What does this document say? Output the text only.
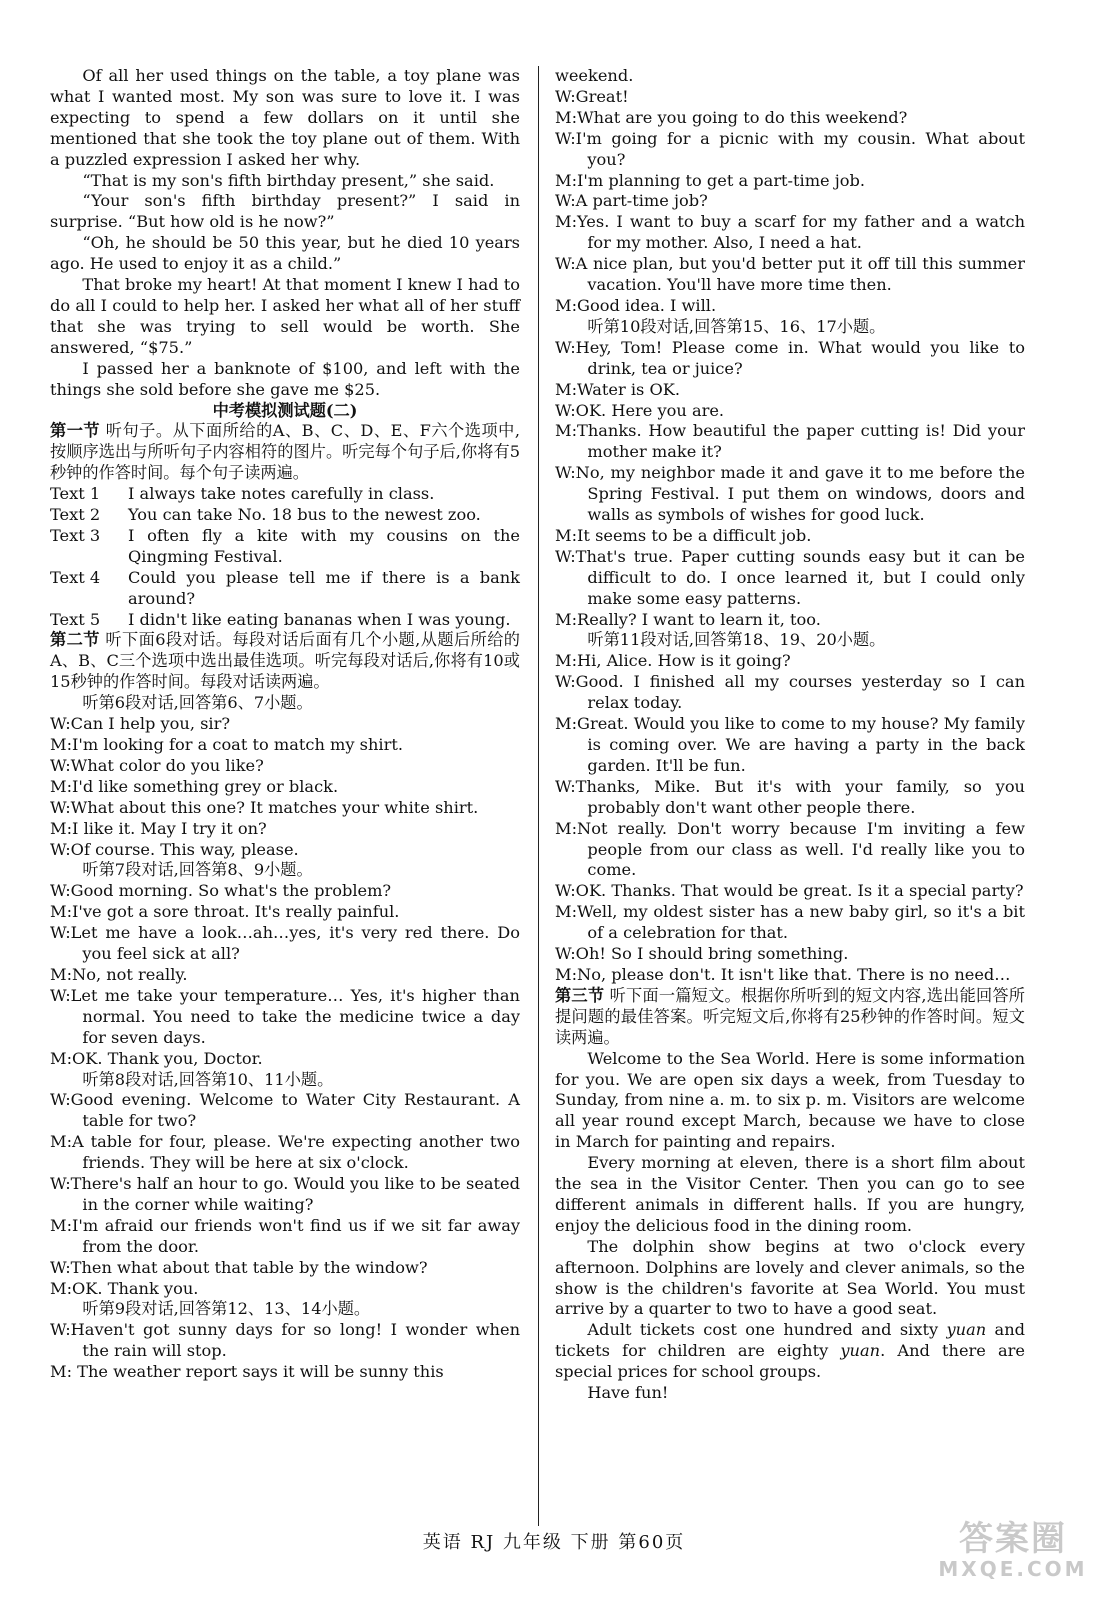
Of all her used things on the table, a toy plane was what I wanted most. My son was sure to love it. I was expecting to spend a few dollars on it until she mentioned that she took the toy plane out of them. With a puzzled expression I asked her why.

“That is my son's fifth birthday present,” she said.

“Your son's fifth birthday present?” I said in surprise. “But how old is he now?”

“Oh, he should be 50 this year, but he died 10 years ago. He used to enjoy it as a child.”

That broke my heart! At that moment I knew I had to do all I could to help her. I asked her what all of her stuff that she was trying to sell would be worth. She answered, “$75.”

I passed her a banknote of $100, and left with the things she sold before she gave me $25.

中考模拟测试题(二)

第一节 听句子。从下面所给的A、B、C、D、E、F六个选项中,按顺序选出与所听句子内容相符的图片。听完每个句子后,你将有5秒钟的作答时间。每个句子读两遍。

Text 1	I always take notes carefully in class.
Text 2	You can take No. 18 bus to the newest zoo.
Text 3	I often fly a kite with my cousins on the Qingming Festival.
Text 4	Could you please tell me if there is a bank around?
Text 5	I didn't like eating bananas when I was young.

第二节 听下面6段对话。每段对话后面有几个小题,从题后所给的A、B、C三个选项中选出最佳选项。听完每段对话后,你将有10或15秒钟的作答时间。每段对话读两遍。

听第6段对话,回答第6、7小题。

W:Can I help you, sir?

M:I'm looking for a coat to match my shirt.

W:What color do you like?

M:I'd like something grey or black.

W:What about this one? It matches your white shirt.

M:I like it. May I try it on?

W:Of course. This way, please.

听第7段对话,回答第8、9小题。

W:Good morning. So what's the problem?

M:I've got a sore throat. It's really painful.

W:Let me have a look…ah…yes, it's very red there. Do you feel sick at all?

M:No, not really.

W:Let me take your temperature… Yes, it's higher than normal. You need to take the medicine twice a day for seven days.

M:OK. Thank you, Doctor.

听第8段对话,回答第10、11小题。

W:Good evening. Welcome to Water City Restaurant. A table for two?

M:A table for four, please. We're expecting another two friends. They will be here at six o'clock.

W:There's half an hour to go. Would you like to be seated in the corner while waiting?

M:I'm afraid our friends won't find us if we sit far away from the door.

W:Then what about that table by the window?

M:OK. Thank you.

听第9段对话,回答第12、13、14小题。

W:Haven't got sunny days for so long! I wonder when the rain will stop.

M: The weather report says it will be sunny this

weekend.

W:Great!

M:What are you going to do this weekend?

W:I'm going for a picnic with my cousin. What about you?

M:I'm planning to get a part-time job.

W:A part-time job?

M:Yes. I want to buy a scarf for my father and a watch for my mother. Also, I need a hat.

W:A nice plan, but you'd better put it off till this summer vacation. You'll have more time then.

M:Good idea. I will.

听第10段对话,回答第15、16、17小题。

W:Hey, Tom! Please come in. What would you like to drink, tea or juice?

M:Water is OK.

W:OK. Here you are.

M:Thanks. How beautiful the paper cutting is! Did your mother make it?

W:No, my neighbor made it and gave it to me before the Spring Festival. I put them on windows, doors and walls as symbols of wishes for good luck.

M:It seems to be a difficult job.

W:That's true. Paper cutting sounds easy but it can be difficult to do. I once learned it, but I could only make some easy patterns.

M:Really? I want to learn it, too.

听第11段对话,回答第18、19、20小题。

M:Hi, Alice. How is it going?

W:Good. I finished all my courses yesterday so I can relax today.

M:Great. Would you like to come to my house? My family is coming over. We are having a party in the back garden. It'll be fun.

W:Thanks, Mike. But it's with your family, so you probably don't want other people there.

M:Not really. Don't worry because I'm inviting a few people from our class as well. I'd really like you to come.

W:OK. Thanks. That would be great. Is it a special party?

M:Well, my oldest sister has a new baby girl, so it's a bit of a celebration for that.

W:Oh! So I should bring something.

M:No, please don't. It isn't like that. There is no need…

第三节 听下面一篇短文。根据你所听到的短文内容,选出能回答所提问题的最佳答案。听完短文后,你将有25秒钟的作答时间。短文读两遍。

Welcome to the Sea World. Here is some information for you. We are open six days a week, from Tuesday to Sunday, from nine a. m. to six p. m. Visitors are welcome all year round except March, because we have to close in March for painting and repairs.

Every morning at eleven, there is a short film about the sea in the Visitor Center. Then you can go to see different animals in different halls. If you are hungry, enjoy the delicious food in the dining room.

The dolphin show begins at two o'clock every afternoon. Dolphins are lovely and clever animals, so the show is the children's favorite at Sea World. You must arrive by a quarter to two to have a good seat.

Adult tickets cost one hundred and sixty yuan and tickets for children are eighty yuan. And there are special prices for school groups.

Have fun!

英语 RJ 九年级 下册 第60页	答案圈
MXQE.COM
